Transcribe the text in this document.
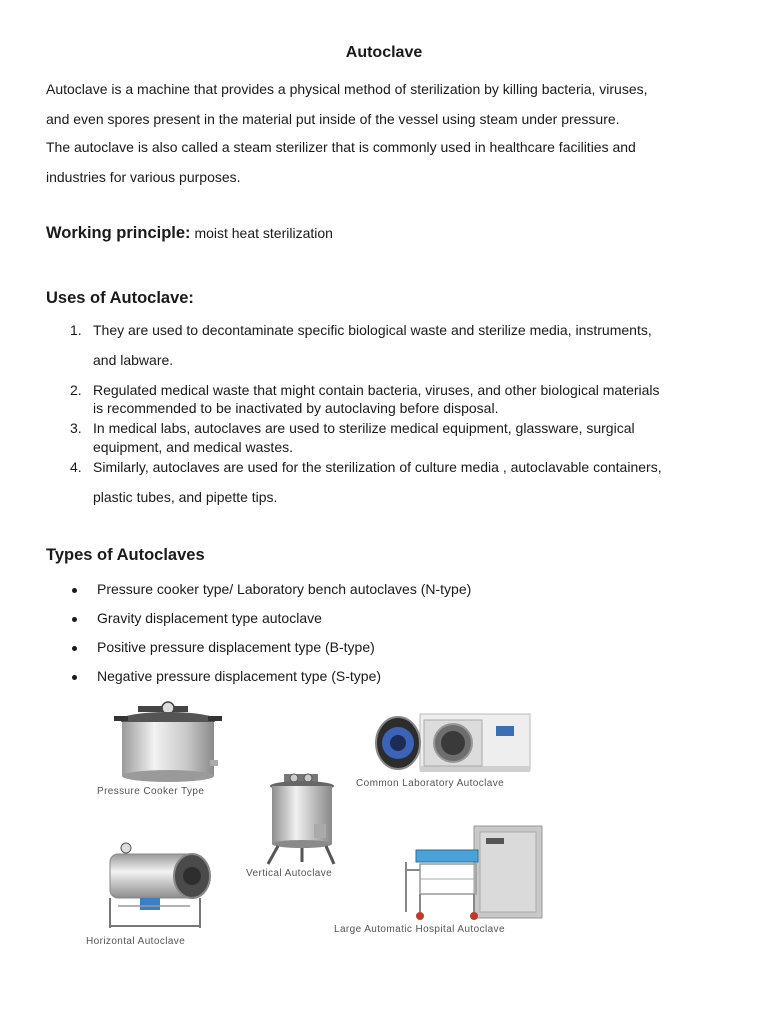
Autoclave
Autoclave is a machine that provides a physical method of sterilization by killing bacteria, viruses,
and even spores present in the material put inside of the vessel using steam under pressure.
The autoclave is also called a steam sterilizer that is commonly used in healthcare facilities and
industries for various purposes.
Working principle: moist heat sterilization
Uses of Autoclave:
1. They are used to decontaminate specific biological waste and sterilize media, instruments,
and labware.
2. Regulated medical waste that might contain bacteria, viruses, and other biological materials
is recommended to be inactivated by autoclaving before disposal.
3. In medical labs, autoclaves are used to sterilize medical equipment, glassware, surgical
equipment, and medical wastes.
4. Similarly, autoclaves are used for the sterilization of culture media , autoclavable containers,
plastic tubes, and pipette tips.
Types of Autoclaves
Pressure cooker type/ Laboratory bench autoclaves (N-type)
Gravity displacement type autoclave
Positive pressure displacement type (B-type)
Negative pressure displacement type (S-type)
Pressure Cooker Type
Common Laboratory Autoclave
Vertical Autoclave
Horizontal Autoclave
Large Automatic Hospital Autoclave
